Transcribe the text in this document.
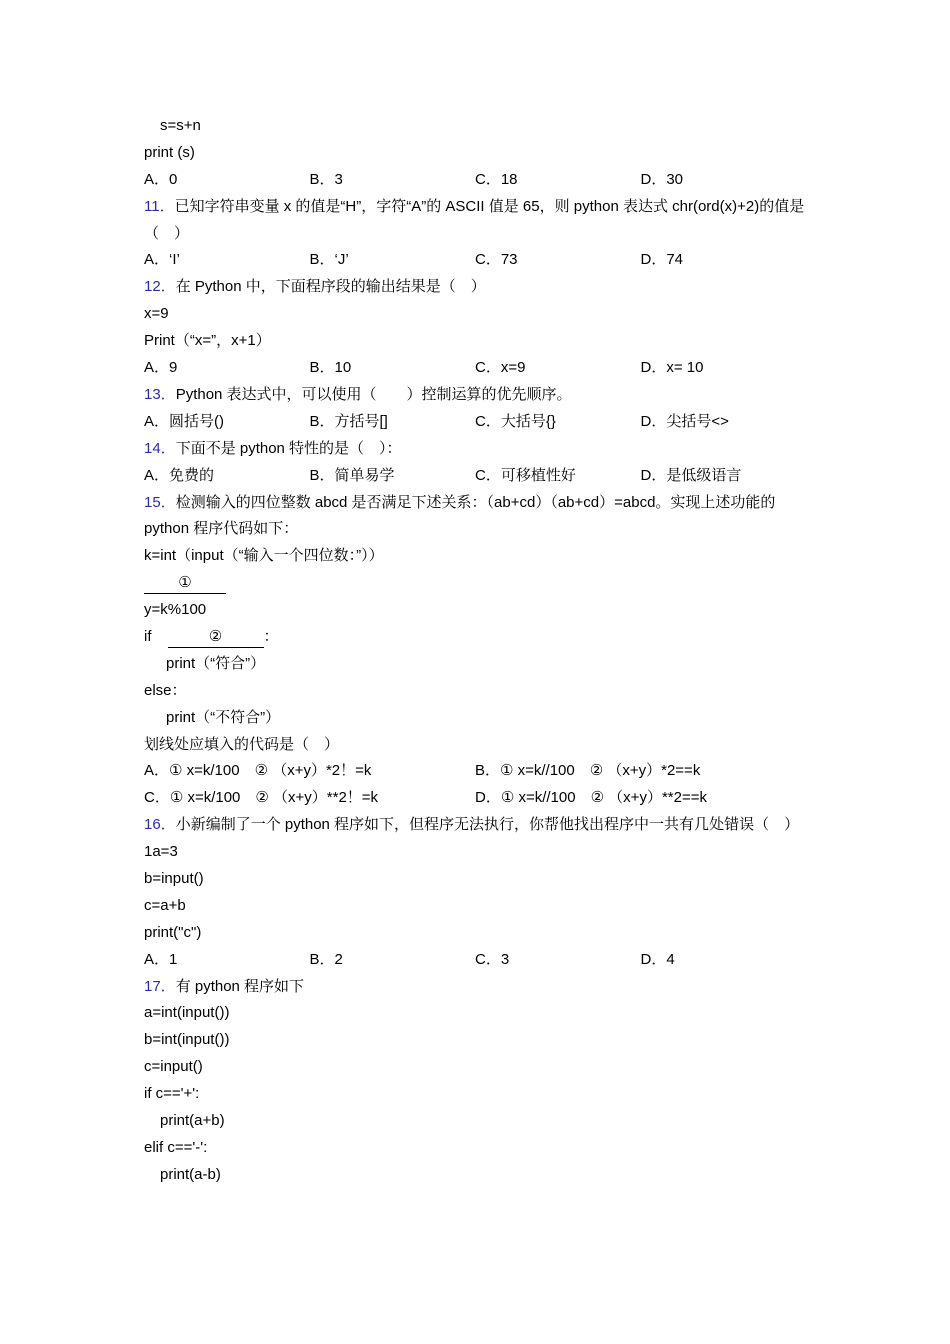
s=s+n
print (s)
A．0	B．3	C．18	D．30
11．已知字符串变量 x 的值是“H”，字符“A”的 ASCII 值是 65，则 python 表达式 chr(ord(x)+2)的值是（　）
A．‘I’	B．‘J’	C．73	D．74
12．在 Python 中，下面程序段的输出结果是（　）
x=9
Print（“x=”，x+1）
A．9	B．10	C．x=9	D．x= 10
13．Python 表达式中，可以使用（　　）控制运算的优先顺序。
A．圆括号()	B．方括号[]	C．大括号{}	D．尖括号<>
14．下面不是 python 特性的是（　）：
A．免费的	B．简单易学	C．可移植性好	D．是低级语言
15．检测输入的四位整数 abcd 是否满足下述关系：（ab+cd）（ab+cd）=abcd。实现上述功能的 python 程序代码如下：
k=int（input（“输入一个四位数：”））
①
y=k%100
if	②	：
print（“符合”）
else：
print（“不符合”）
划线处应填入的代码是（　）
A．① x=k/100　② （x+y）*2！=k	B．① x=k//100　② （x+y）*2==k
C．① x=k/100　② （x+y）**2！=k	D．① x=k//100　② （x+y）**2==k
16．小新编制了一个 python 程序如下，但程序无法执行，你帮他找出程序中一共有几处错误（　）
1a=3
b=input()
c=a+b
print("c")
A．1	B．2	C．3	D．4
17．有 python 程序如下
a=int(input())
b=int(input())
c=input()
if c=='+':
print(a+b)
elif c=='-':
print(a-b)
